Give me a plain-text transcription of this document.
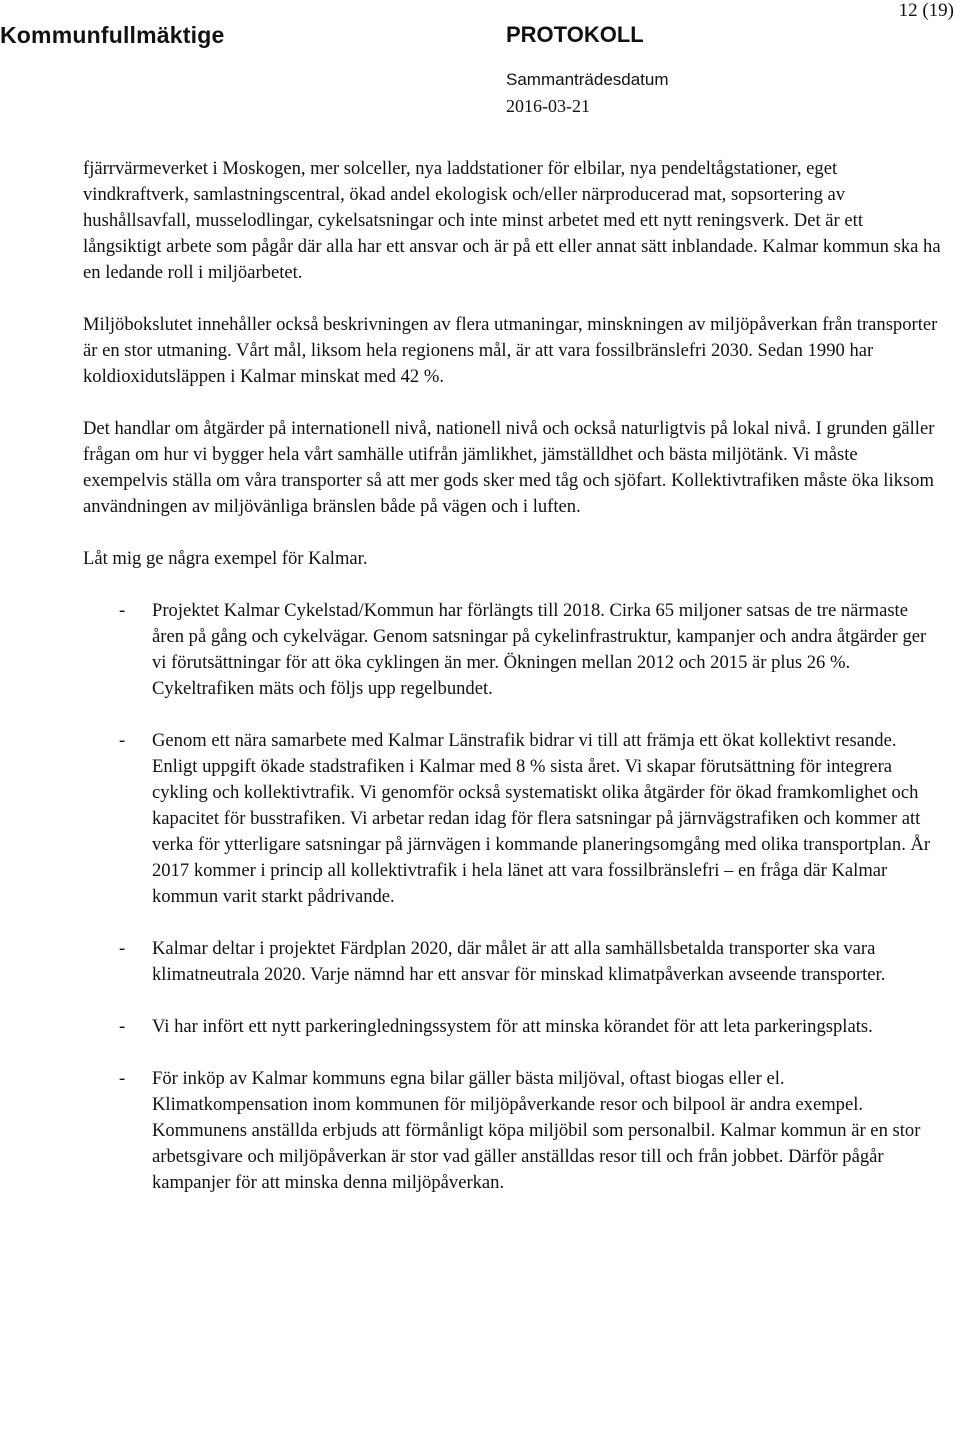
Kommunfullmäktige	PROTOKOLL
Sammanträdesdatum
2016-03-21
12 (19)

fjärrvärmeverket i Moskogen, mer solceller, nya laddstationer för elbilar, nya pendeltågstationer, eget vindkraftverk, samlastningscentral, ökad andel ekologisk och/eller närproducerad mat, sopsortering av hushållsavfall, musselodlingar, cykelsatsningar och inte minst arbetet med ett nytt reningsverk. Det är ett långsiktigt arbete som pågår där alla har ett ansvar och är på ett eller annat sätt inblandade. Kalmar kommun ska ha en ledande roll i miljöarbetet.

Miljöbokslutet innehåller också beskrivningen av flera utmaningar, minskningen av miljöpåverkan från transporter är en stor utmaning. Vårt mål, liksom hela regionens mål, är att vara fossilbränslefri 2030. Sedan 1990 har koldioxidutsläppen i Kalmar minskat med 42 %.

Det handlar om åtgärder på internationell nivå, nationell nivå och också naturligtvis på lokal nivå. I grunden gäller frågan om hur vi bygger hela vårt samhälle utifrån jämlikhet, jämställdhet och bästa miljötänk. Vi måste exempelvis ställa om våra transporter så att mer gods sker med tåg och sjöfart. Kollektivtrafiken måste öka liksom användningen av miljövänliga bränslen både på vägen och i luften.

Låt mig ge några exempel för Kalmar.

- Projektet Kalmar Cykelstad/Kommun har förlängts till 2018. Cirka 65 miljoner satsas de tre närmaste åren på gång och cykelvägar. Genom satsningar på cykelinfrastruktur, kampanjer och andra åtgärder ger vi förutsättningar för att öka cyklingen än mer. Ökningen mellan 2012 och 2015 är plus 26 %. Cykeltrafiken mäts och följs upp regelbundet.
- Genom ett nära samarbete med Kalmar Länstrafik bidrar vi till att främja ett ökat kollektivt resande. Enligt uppgift ökade stadstrafiken i Kalmar med 8 % sista året. Vi skapar förutsättning för integrera cykling och kollektivtrafik. Vi genomför också systematiskt olika åtgärder för ökad framkomlighet och kapacitet för busstrafiken. Vi arbetar redan idag för flera satsningar på järnvägstrafiken och kommer att verka för ytterligare satsningar på järnvägen i kommande planeringsomgång med olika transportplan. År 2017 kommer i princip all kollektivtrafik i hela länet att vara fossilbränslefri – en fråga där Kalmar kommun varit starkt pådrivande.
- Kalmar deltar i projektet Färdplan 2020, där målet är att alla samhällsbetalda transporter ska vara klimatneutrala 2020. Varje nämnd har ett ansvar för minskad klimatpåverkan avseende transporter.
- Vi har infört ett nytt parkeringledningssystem för att minska körandet för att leta parkeringsplats.
- För inköp av Kalmar kommuns egna bilar gäller bästa miljöval, oftast biogas eller el. Klimatkompensation inom kommunen för miljöpåverkande resor och bilpool är andra exempel. Kommunens anställda erbjuds att förmånligt köpa miljöbil som personalbil. Kalmar kommun är en stor arbetsgivare och miljöpåverkan är stor vad gäller anställdas resor till och från jobbet. Därför pågår kampanjer för att minska denna miljöpåverkan.
